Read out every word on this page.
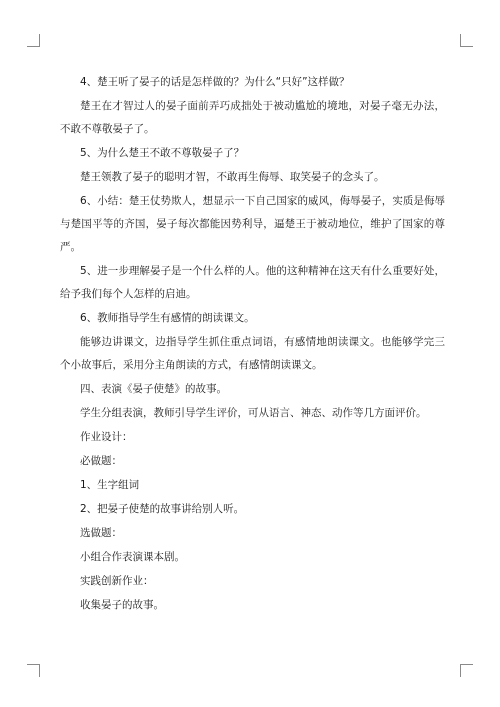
4、楚王听了晏子的话是怎样做的？为什么“只好”这样做？

楚王在才智过人的晏子面前弄巧成拙处于被动尴尬的境地，对晏子毫无办法，不敢不尊敬晏子了。

5、为什么楚王不敢不尊敬晏子了？

楚王领教了晏子的聪明才智，不敢再生侮辱、取笑晏子的念头了。

6、小结：楚王仗势欺人，想显示一下自己国家的威风，侮辱晏子，实质是侮辱与楚国平等的齐国，晏子每次都能因势利导，逼楚王于被动地位，维护了国家的尊严。

5、进一步理解晏子是一个什么样的人。他的这种精神在这天有什么重要好处，给予我们每个人怎样的启迪。

6、教师指导学生有感情的朗读课文。

能够边讲课文，边指导学生抓住重点词语，有感情地朗读课文。也能够学完三个小故事后，采用分主角朗读的方式，有感情朗读课文。

四、表演《晏子使楚》的故事。

学生分组表演，教师引导学生评价，可从语言、神态、动作等几方面评价。

作业设计：

必做题：

1、生字组词

2、把晏子使楚的故事讲给别人听。

选做题：

小组合作表演课本剧。

实践创新作业：

收集晏子的故事。
